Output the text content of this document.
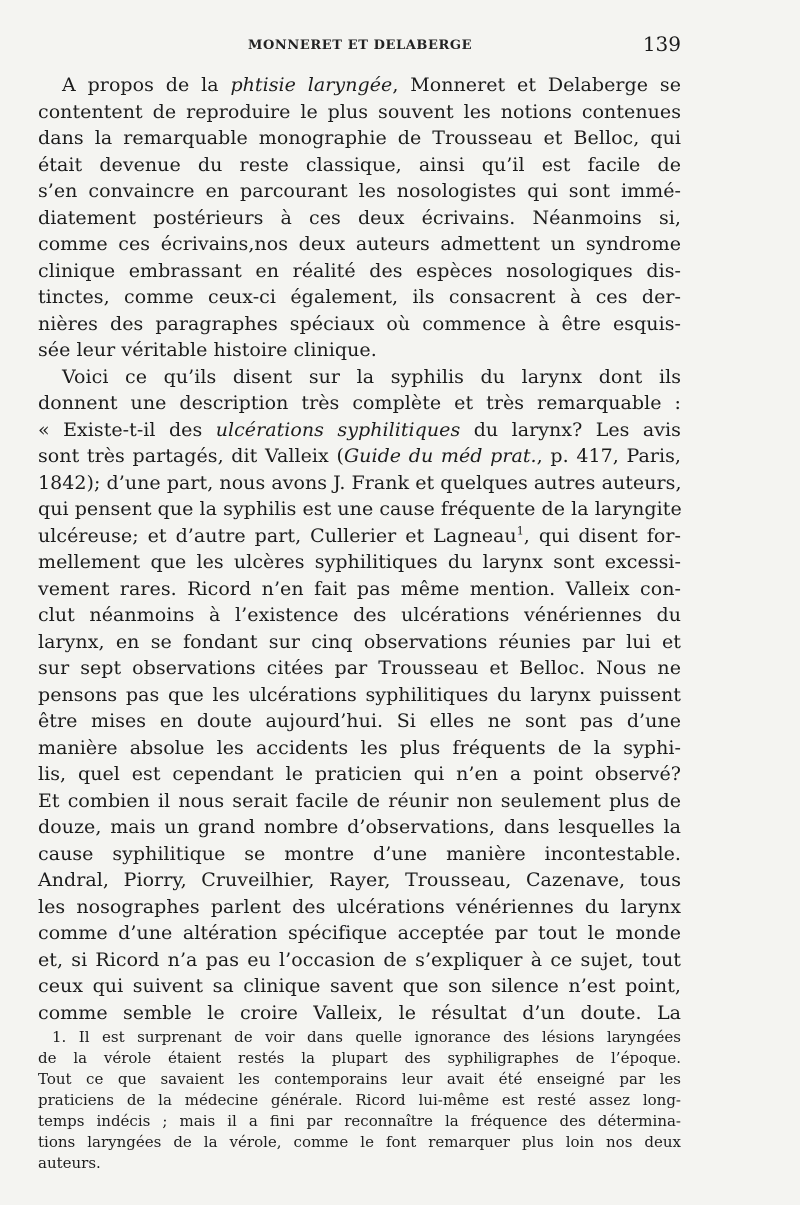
MONNERET ET DELABERGE	139
A propos de la phtisie laryngée, Monneret et Delaberge se
contentent de reproduire le plus souvent les notions contenues
dans la remarquable monographie de Trousseau et Belloc, qui
était devenue du reste classique, ainsi qu’il est facile de
s’en convaincre en parcourant les nosologistes qui sont immé-
diatement postérieurs à ces deux écrivains. Néanmoins si,
comme ces écrivains,nos deux auteurs admettent un syndrome
clinique embrassant en réalité des espèces nosologiques dis-
tinctes, comme ceux-ci également, ils consacrent à ces der-
nières des paragraphes spéciaux où commence à être esquis-
sée leur véritable histoire clinique.
Voici ce qu’ils disent sur la syphilis du larynx dont ils
donnent une description très complète et très remarquable :
« Existe-t-il des ulcérations syphilitiques du larynx? Les avis
sont très partagés, dit Valleix (Guide du méd prat., p. 417, Paris,
1842); d’une part, nous avons J. Frank et quelques autres auteurs,
qui pensent que la syphilis est une cause fréquente de la laryngite
ulcéreuse; et d’autre part, Cullerier et Lagneau$^1$, qui disent for-
mellement que les ulcères syphilitiques du larynx sont excessi-
vement rares. Ricord n’en fait pas même mention. Valleix con-
clut néanmoins à l’existence des ulcérations vénériennes du
larynx, en se fondant sur cinq observations réunies par lui et
sur sept observations citées par Trousseau et Belloc. Nous ne
pensons pas que les ulcérations syphilitiques du larynx puissent
être mises en doute aujourd’hui. Si elles ne sont pas d’une
manière absolue les accidents les plus fréquents de la syphi-
lis, quel est cependant le praticien qui n’en a point observé?
Et combien il nous serait facile de réunir non seulement plus de
douze, mais un grand nombre d’observations, dans lesquelles la
cause syphilitique se montre d’une manière incontestable.
Andral, Piorry, Cruveilhier, Rayer, Trousseau, Cazenave, tous
les nosographes parlent des ulcérations vénériennes du larynx
comme d’une altération spécifique acceptée par tout le monde
et, si Ricord n’a pas eu l’occasion de s’expliquer à ce sujet, tout
ceux qui suivent sa clinique savent que son silence n’est point,
comme semble le croire Valleix, le résultat d’un doute. La
1. Il est surprenant de voir dans quelle ignorance des lésions laryngées
de la vérole étaient restés la plupart des syphiligraphes de l’époque.
Tout ce que savaient les contemporains leur avait été enseigné par les
praticiens de la médecine générale. Ricord lui-même est resté assez long-
temps indécis ; mais il a fini par reconnaître la fréquence des détermina-
tions laryngées de la vérole, comme le font remarquer plus loin nos deux
auteurs.
